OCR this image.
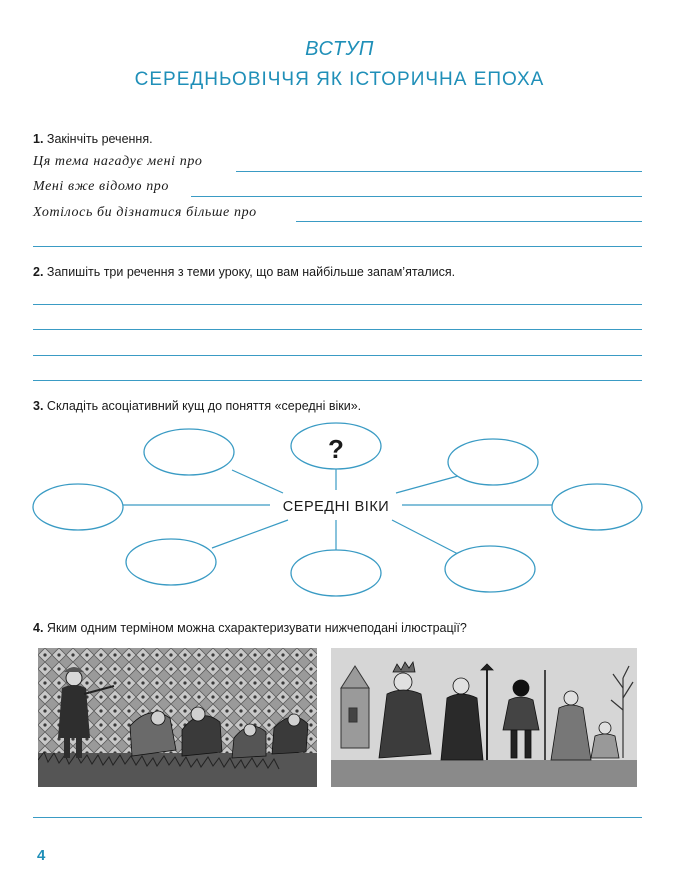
ВСТУП
СЕРЕДНЬОВІЧЧЯ ЯК ІСТОРИЧНА ЕПОХА
1. Закінчіть речення.
Ця тема нагадує мені про
Мені вже відомо про
Хотілось би дізнатися більше про
2. Запишіть три речення з теми уроку, що вам найбільше запам’яталися.
3. Складіть асоціативний кущ до поняття «середні віки».
?
СЕРЕДНІ ВІКИ
4. Яким одним терміном можна схарактеризувати нижчеподані ілюстрації?
4
